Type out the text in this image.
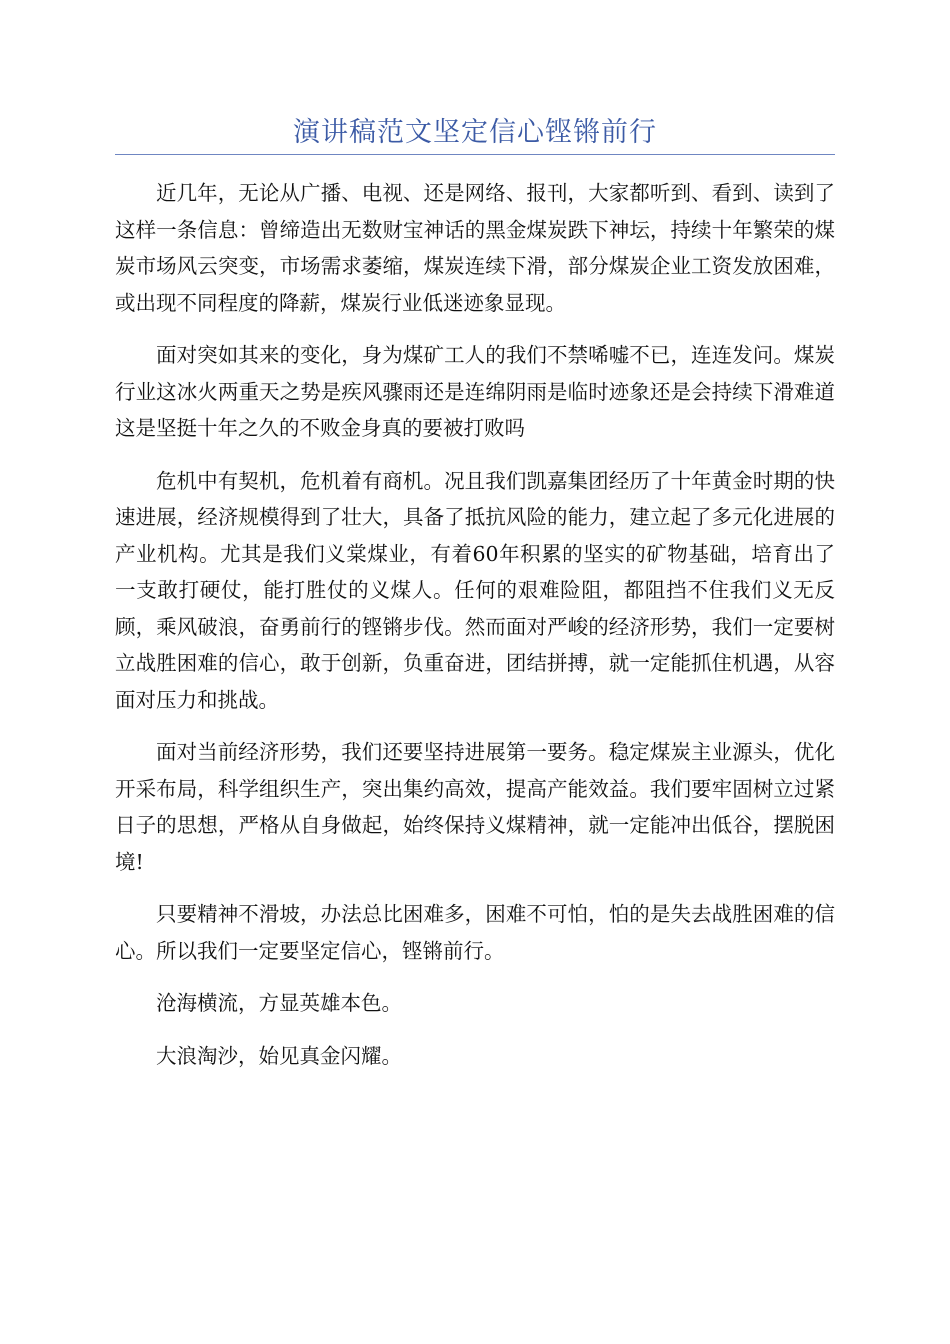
演讲稿范文坚定信心铿锵前行

近几年，无论从广播、电视、还是网络、报刊，大家都听到、看到、读到了这样一条信息：曾缔造出无数财宝神话的黑金煤炭跌下神坛，持续十年繁荣的煤炭市场风云突变，市场需求萎缩，煤炭连续下滑，部分煤炭企业工资发放困难，或出现不同程度的降薪，煤炭行业低迷迹象显现。

面对突如其来的变化，身为煤矿工人的我们不禁唏嘘不已，连连发问。煤炭行业这冰火两重天之势是疾风骤雨还是连绵阴雨是临时迹象还是会持续下滑难道这是坚挺十年之久的不败金身真的要被打败吗

危机中有契机，危机着有商机。况且我们凯嘉集团经历了十年黄金时期的快速进展，经济规模得到了壮大，具备了抵抗风险的能力，建立起了多元化进展的产业机构。尤其是我们义棠煤业，有着60年积累的坚实的矿物基础，培育出了一支敢打硬仗，能打胜仗的义煤人。任何的艰难险阻，都阻挡不住我们义无反顾，乘风破浪，奋勇前行的铿锵步伐。然而面对严峻的经济形势，我们一定要树立战胜困难的信心，敢于创新，负重奋进，团结拼搏，就一定能抓住机遇，从容面对压力和挑战。

面对当前经济形势，我们还要坚持进展第一要务。稳定煤炭主业源头，优化开采布局，科学组织生产，突出集约高效，提高产能效益。我们要牢固树立过紧日子的思想，严格从自身做起，始终保持义煤精神，就一定能冲出低谷，摆脱困境!

只要精神不滑坡，办法总比困难多，困难不可怕，怕的是失去战胜困难的信心。所以我们一定要坚定信心，铿锵前行。

沧海横流，方显英雄本色。

大浪淘沙，始见真金闪耀。
